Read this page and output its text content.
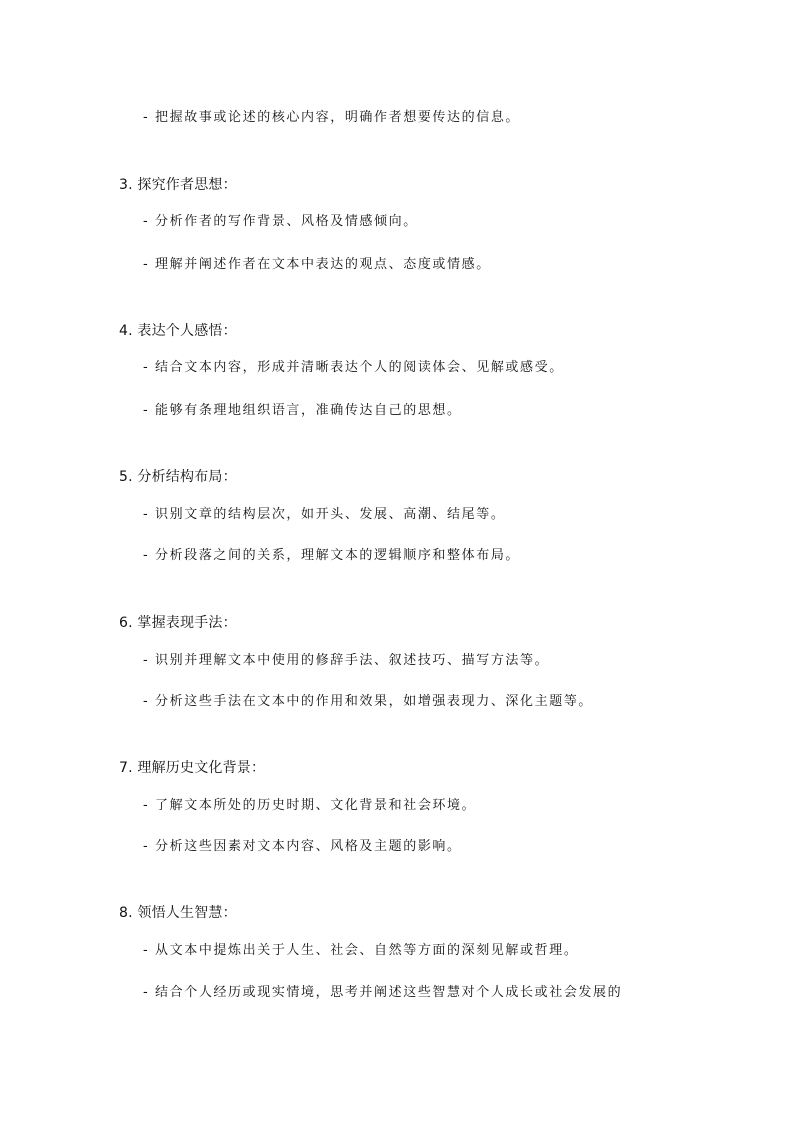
- 把握故事或论述的核心内容，明确作者想要传达的信息。
3. 探究作者思想：
- 分析作者的写作背景、风格及情感倾向。
- 理解并阐述作者在文本中表达的观点、态度或情感。
4. 表达个人感悟：
- 结合文本内容，形成并清晰表达个人的阅读体会、见解或感受。
- 能够有条理地组织语言，准确传达自己的思想。
5. 分析结构布局：
- 识别文章的结构层次，如开头、发展、高潮、结尾等。
- 分析段落之间的关系，理解文本的逻辑顺序和整体布局。
6. 掌握表现手法：
- 识别并理解文本中使用的修辞手法、叙述技巧、描写方法等。
- 分析这些手法在文本中的作用和效果，如增强表现力、深化主题等。
7. 理解历史文化背景：
- 了解文本所处的历史时期、文化背景和社会环境。
- 分析这些因素对文本内容、风格及主题的影响。
8. 领悟人生智慧：
- 从文本中提炼出关于人生、社会、自然等方面的深刻见解或哲理。
- 结合个人经历或现实情境，思考并阐述这些智慧对个人成长或社会发展的
